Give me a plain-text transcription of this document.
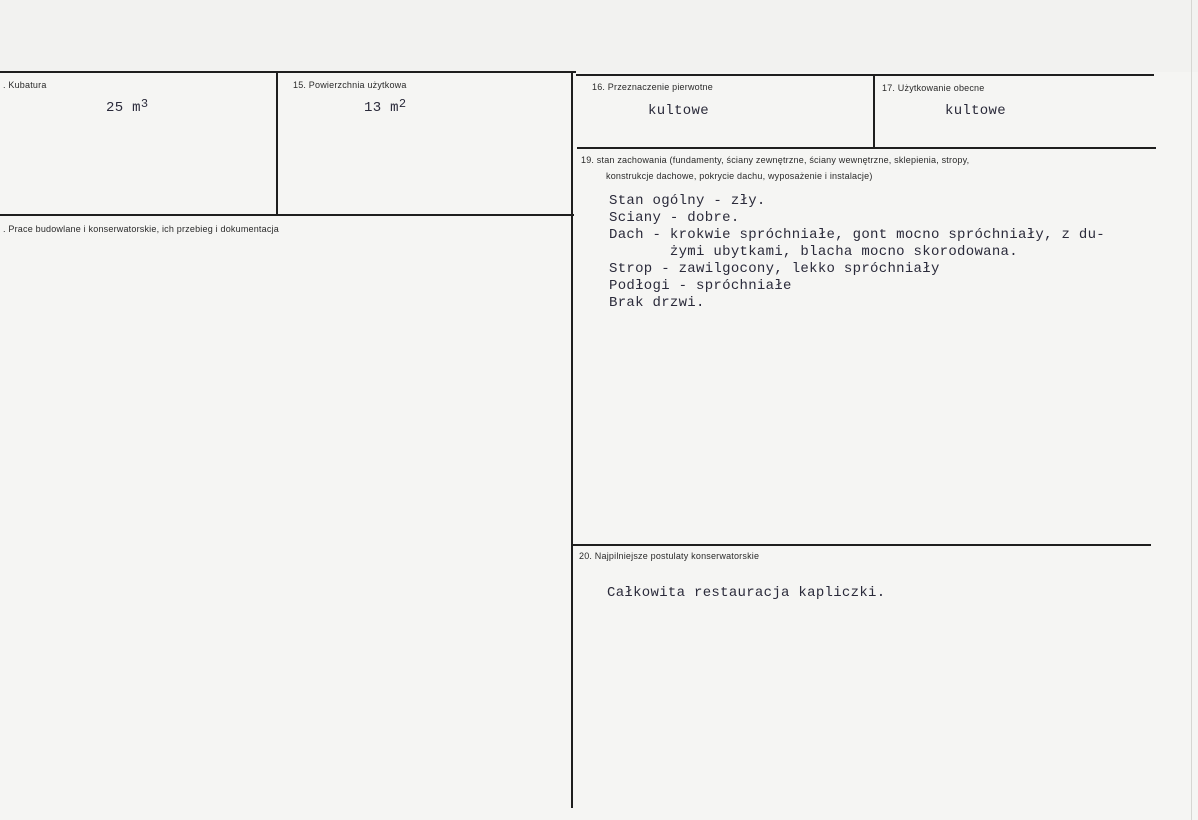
. Kubatura
25 $m^3$
15. Powierzchnia użytkowa
13 $m^2$
16. Przeznaczenie pierwotne
kultowe
17. Użytkowanie obecne
kultowe
. Prace budowlane i konserwatorskie, ich przebieg i dokumentacja
19. stan zachowania (fundamenty, ściany zewnętrzne, ściany wewnętrzne, sklepienia, stropy,
konstrukcje dachowe, pokrycie dachu, wyposażenie i instalacje)
Stan ogólny - zły.
Sciany - dobre.
Dach - krokwie spróchniałe, gont mocno spróchniały, z du-
żymi ubytkami, blacha mocno skorodowana.
Strop - zawilgocony, lekko spróchniały
Podłogi - spróchniałe
Brak drzwi.
20. Najpilniejsze postulaty konserwatorskie
Całkowita restauracja kapliczki.
